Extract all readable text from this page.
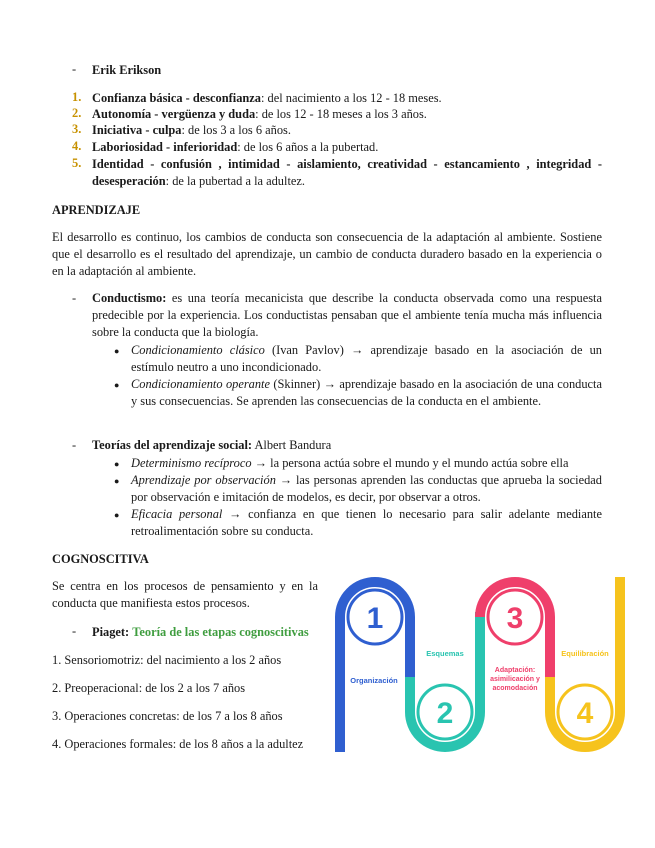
- Erik Erikson
1. Confianza básica - desconfianza: del nacimiento a los 12 - 18 meses.
2. Autonomía - vergüenza y duda: de los 12 - 18 meses a los 3 años.
3. Iniciativa - culpa: de los 3 a los 6 años.
4. Laboriosidad - inferioridad: de los 6 años a la pubertad.
5. Identidad - confusión , intimidad - aislamiento, creatividad - estancamiento , integridad - desesperación: de la pubertad a la adultez.
APRENDIZAJE
El desarrollo es continuo, los cambios de conducta son consecuencia de la adaptación al ambiente. Sostiene que el desarrollo es el resultado del aprendizaje, un cambio de conducta duradero basado en la experiencia o en la adaptación al ambiente.
- Conductismo: es una teoría mecanicista que describe la conducta observada como una respuesta predecible por la experiencia. Los conductistas pensaban que el ambiente tenía mucha más influencia sobre la conducta que la biología.
● Condicionamiento clásico (Ivan Pavlov) → aprendizaje basado en la asociación de un estímulo neutro a uno incondicionado.
● Condicionamiento operante (Skinner) → aprendizaje basado en la asociación de una conducta y sus consecuencias. Se aprenden las consecuencias de la conducta en el ambiente.
- Teorías del aprendizaje social: Albert Bandura
● Determinismo recíproco → la persona actúa sobre el mundo y el mundo actúa sobre ella
● Aprendizaje por observación → las personas aprenden las conductas que aprueba la sociedad por observación e imitación de modelos, es decir, por observar a otros.
● Eficacia personal → confianza en que tienen lo necesario para salir adelante mediante retroalimentación sobre su conducta.
COGNOSCITIVA
Se centra en los procesos de pensamiento y en la conducta que manifiesta estos procesos.
- Piaget: Teoría de las etapas cognoscitivas
1. Sensoriomotriz: del nacimiento a los 2 años
2. Preoperacional: de los 2 a los 7 años
3. Operaciones concretas: de los 7 a los 8 años
4. Operaciones formales: de los 8 años a la adultez
1
2
3
4
Organización
Esquemas
Adaptación:
asimilicación y
acomodación
Equilibración
